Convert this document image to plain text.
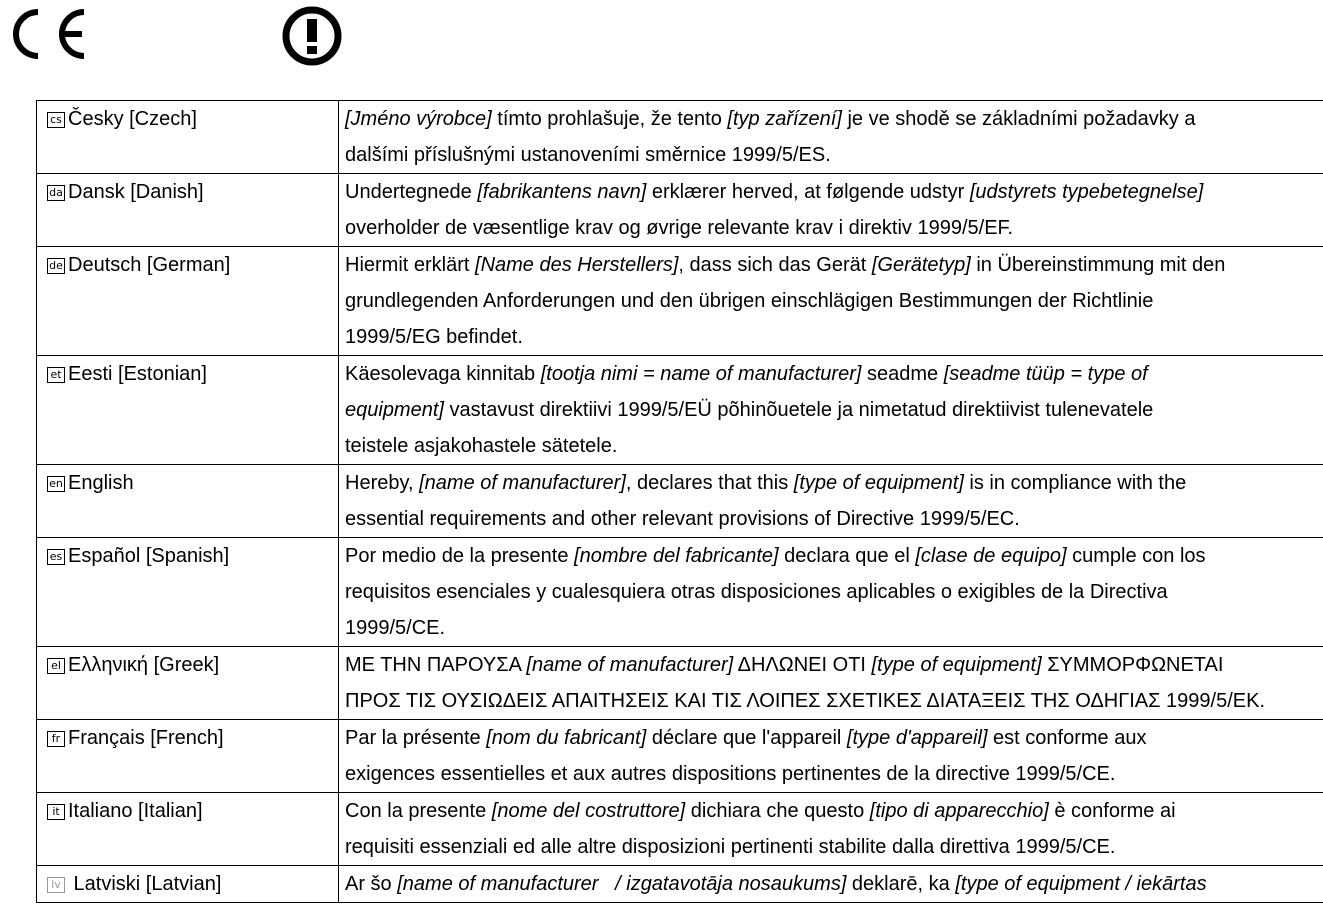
cs Česky [Czech]	[Jméno výrobce] tímto prohlašuje, že tento [typ zařízení] je ve shodě se základními požadavky a
dalšími příslušnými ustanoveními směrnice 1999/5/ES.

da Dansk [Danish]	Undertegnede [fabrikantens navn] erklærer herved, at følgende udstyr [udstyrets typebetegnelse]
overholder de væsentlige krav og øvrige relevante krav i direktiv 1999/5/EF.

de Deutsch [German]	Hiermit erklärt [Name des Herstellers], dass sich das Gerät [Gerätetyp] in Übereinstimmung mit den
grundlegenden Anforderungen und den übrigen einschlägigen Bestimmungen der Richtlinie
1999/5/EG befindet.

et Eesti [Estonian]	Käesolevaga kinnitab [tootja nimi = name of manufacturer] seadme [seadme tüüp = type of
equipment] vastavust direktiivi 1999/5/EÜ põhinõuetele ja nimetatud direktiivist tulenevatele
teistele asjakohastele sätetele.

en English	Hereby, [name of manufacturer], declares that this [type of equipment] is in compliance with the
essential requirements and other relevant provisions of Directive 1999/5/EC.

es Español [Spanish]	Por medio de la presente [nombre del fabricante] declara que el [clase de equipo] cumple con los
requisitos esenciales y cualesquiera otras disposiciones aplicables o exigibles de la Directiva
1999/5/CE.

el Ελληνική [Greek]	ΜΕ ΤΗΝ ΠΑΡΟΥΣΑ [name of manufacturer] ΔΗΛΩΝΕΙ ΟΤΙ [type of equipment] ΣΥΜΜΟΡΦΩΝΕΤΑΙ
ΠΡΟΣ ΤΙΣ ΟΥΣΙΩΔΕΙΣ ΑΠΑΙΤΗΣΕΙΣ ΚΑΙ ΤΙΣ ΛΟΙΠΕΣ ΣΧΕΤΙΚΕΣ ΔΙΑΤΑΞΕΙΣ ΤΗΣ ΟΔΗΓΙΑΣ 1999/5/ΕΚ.

fr Français [French]	Par la présente [nom du fabricant] déclare que l'appareil [type d'appareil] est conforme aux
exigences essentielles et aux autres dispositions pertinentes de la directive 1999/5/CE.

it Italiano [Italian]	Con la presente [nome del costruttore] dichiara che questo [tipo di apparecchio] è conforme ai
requisiti essenziali ed alle altre disposizioni pertinenti stabilite dalla direttiva 1999/5/CE.

lv Latviski [Latvian]	Ar šo [name of manufacturer   / izgatavotāja nosaukums] deklarē, ka [type of equipment / iekārtas
